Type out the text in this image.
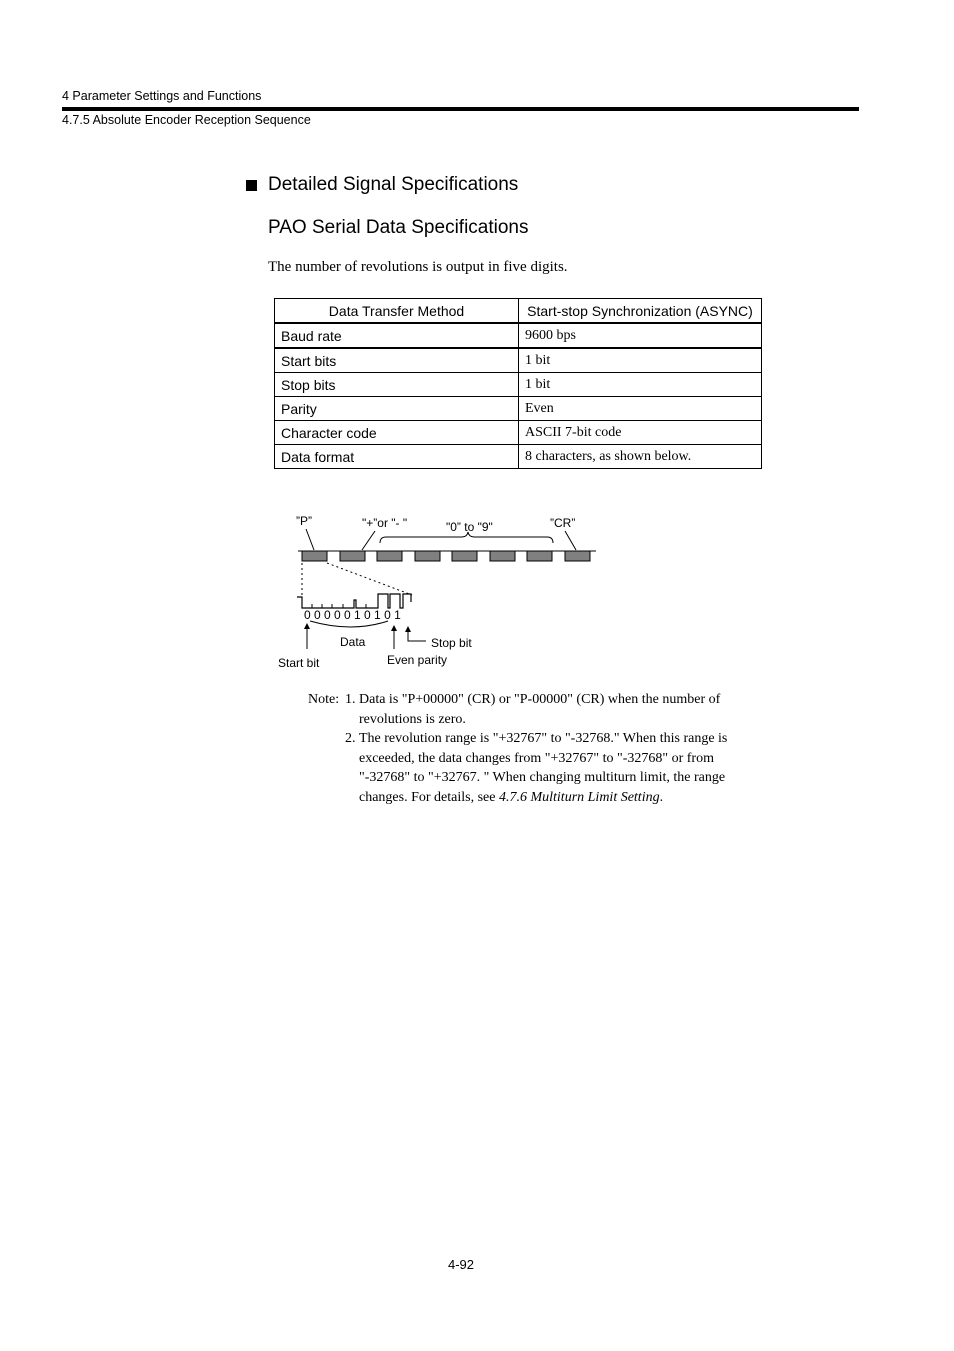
4 Parameter Settings and Functions
4.7.5 Absolute Encoder Reception Sequence
Detailed Signal Specifications
PAO Serial Data Specifications
The number of revolutions is output in five digits.
Data Transfer Method	Start-stop Synchronization (ASYNC)
Baud rate	9600 bps
Start bits	1 bit
Stop bits	1 bit
Parity	Even
Character code	ASCII 7-bit code
Data format	8 characters, as shown below.
”P”	"+”or "- "	"0” to "9"	”CR”
0 0 0 0 0 1 0 1 0 1
Data
Start bit	Even parity
Stop bit
Note: 1. Data is "P+00000" (CR) or "P-00000" (CR) when the number of revolutions is zero.
2. The revolution range is "+32767" to "-32768." When this range is exceeded, the data changes from "+32767" to "-32768" or from "-32768" to "+32767. " When changing multiturn limit, the range changes. For details, see 4.7.6 Multiturn Limit Setting.
4-92
